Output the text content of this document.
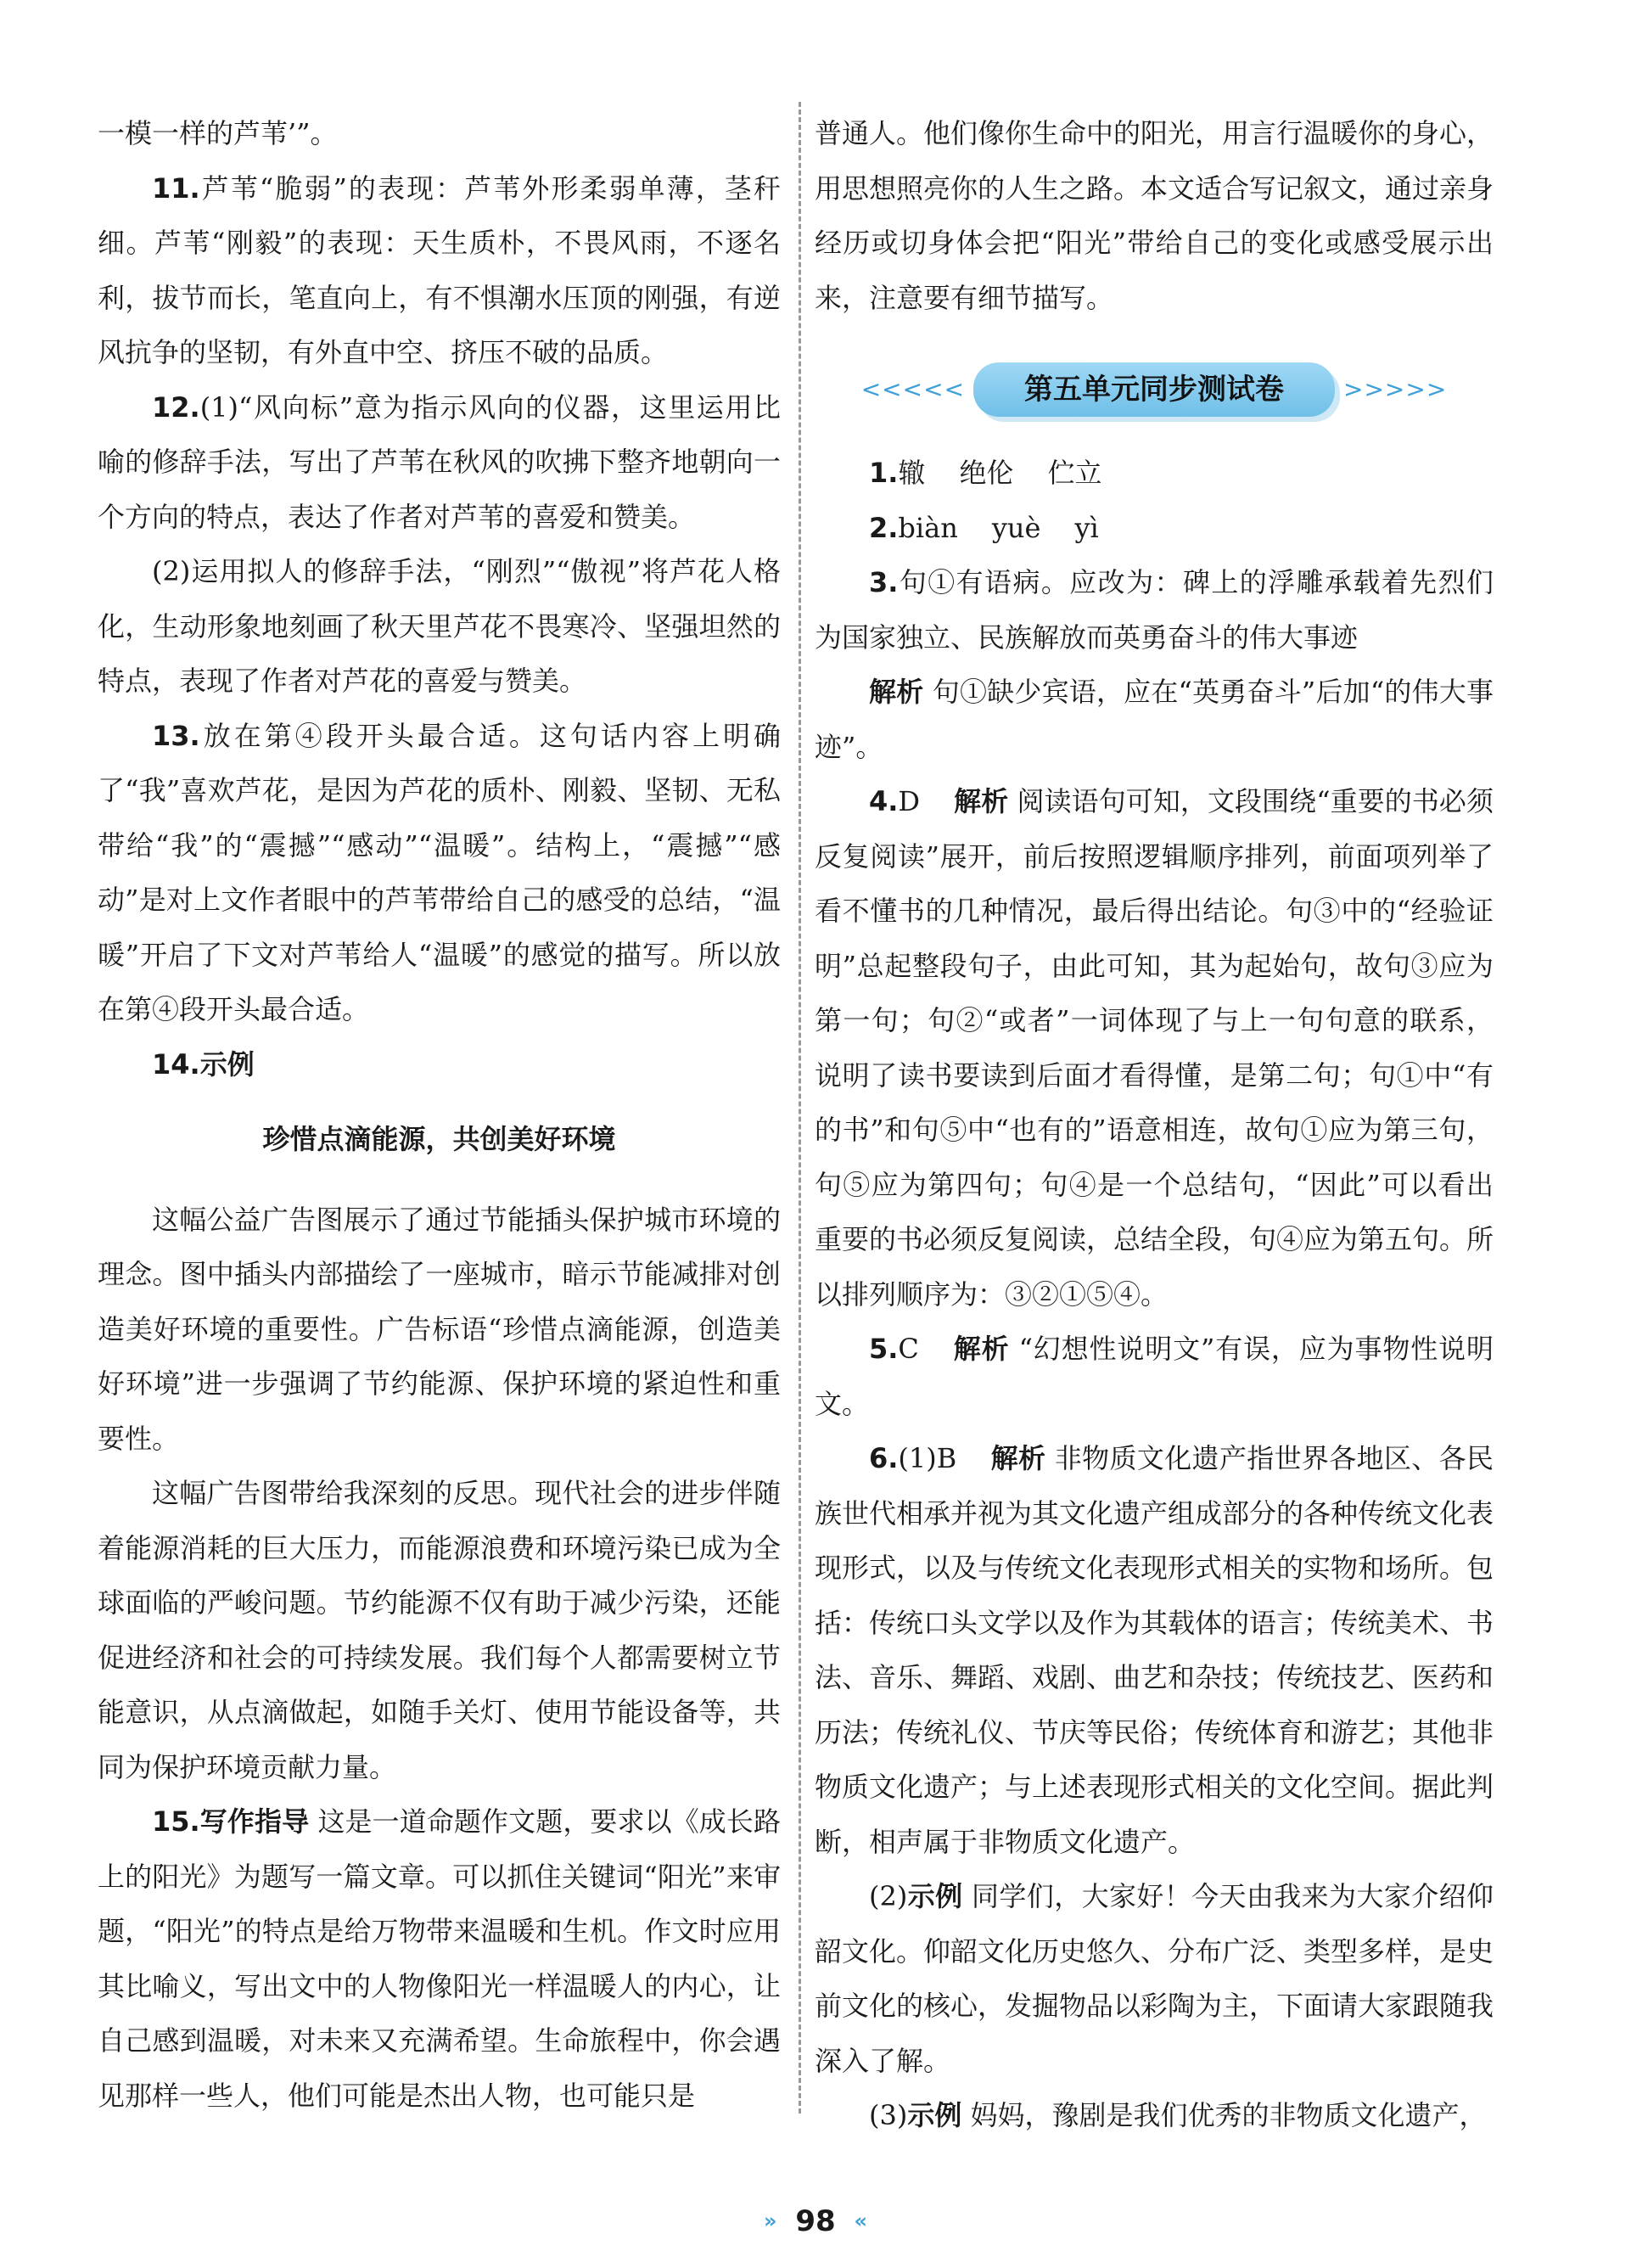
一模一样的芦苇’”。

11.芦苇“脆弱”的表现：芦苇外形柔弱单薄，茎秆细。芦苇“刚毅”的表现：天生质朴，不畏风雨，不逐名利，拔节而长，笔直向上，有不惧潮水压顶的刚强，有逆风抗争的坚韧，有外直中空、挤压不破的品质。

12.(1)“风向标”意为指示风向的仪器，这里运用比喻的修辞手法，写出了芦苇在秋风的吹拂下整齐地朝向一个方向的特点，表达了作者对芦苇的喜爱和赞美。

(2)运用拟人的修辞手法，“刚烈”“傲视”将芦花人格化，生动形象地刻画了秋天里芦花不畏寒冷、坚强坦然的特点，表现了作者对芦花的喜爱与赞美。

13.放在第④段开头最合适。这句话内容上明确了“我”喜欢芦花，是因为芦花的质朴、刚毅、坚韧、无私带给“我”的“震撼”“感动”“温暖”。结构上，“震撼”“感动”是对上文作者眼中的芦苇带给自己的感受的总结，“温暖”开启了下文对芦苇给人“温暖”的感觉的描写。所以放在第④段开头最合适。

14.示例

珍惜点滴能源，共创美好环境

这幅公益广告图展示了通过节能插头保护城市环境的理念。图中插头内部描绘了一座城市，暗示节能减排对创造美好环境的重要性。广告标语“珍惜点滴能源，创造美好环境”进一步强调了节约能源、保护环境的紧迫性和重要性。

这幅广告图带给我深刻的反思。现代社会的进步伴随着能源消耗的巨大压力，而能源浪费和环境污染已成为全球面临的严峻问题。节约能源不仅有助于减少污染，还能促进经济和社会的可持续发展。我们每个人都需要树立节能意识，从点滴做起，如随手关灯、使用节能设备等，共同为保护环境贡献力量。

15.写作指导 这是一道命题作文题，要求以《成长路上的阳光》为题写一篇文章。可以抓住关键词“阳光”来审题，“阳光”的特点是给万物带来温暖和生机。作文时应用其比喻义，写出文中的人物像阳光一样温暖人的内心，让自己感到温暖，对未来又充满希望。生命旅程中，你会遇见那样一些人，他们可能是杰出人物，也可能只是

普通人。他们像你生命中的阳光，用言行温暖你的身心，用思想照亮你的人生之路。本文适合写记叙文，通过亲身经历或切身体会把“阳光”带给自己的变化或感受展示出来，注意要有细节描写。

<<<<<	第五单元同步测试卷	>>>>>

1.辙 绝伦 伫立

2.biàn yuè yì

3.句①有语病。应改为：碑上的浮雕承载着先烈们为国家独立、民族解放而英勇奋斗的伟大事迹

解析 句①缺少宾语，应在“英勇奋斗”后加“的伟大事迹”。

4.D 解析 阅读语句可知，文段围绕“重要的书必须反复阅读”展开，前后按照逻辑顺序排列，前面项列举了看不懂书的几种情况，最后得出结论。句③中的“经验证明”总起整段句子，由此可知，其为起始句，故句③应为第一句；句②“或者”一词体现了与上一句句意的联系，说明了读书要读到后面才看得懂，是第二句；句①中“有的书”和句⑤中“也有的”语意相连，故句①应为第三句，句⑤应为第四句；句④是一个总结句，“因此”可以看出重要的书必须反复阅读，总结全段，句④应为第五句。所以排列顺序为：③②①⑤④。

5.C 解析 “幻想性说明文”有误，应为事物性说明文。

6.(1)B 解析 非物质文化遗产指世界各地区、各民族世代相承并视为其文化遗产组成部分的各种传统文化表现形式，以及与传统文化表现形式相关的实物和场所。包括：传统口头文学以及作为其载体的语言；传统美术、书法、音乐、舞蹈、戏剧、曲艺和杂技；传统技艺、医药和历法；传统礼仪、节庆等民俗；传统体育和游艺；其他非物质文化遗产；与上述表现形式相关的文化空间。据此判断，相声属于非物质文化遗产。

(2)示例 同学们，大家好！今天由我来为大家介绍仰韶文化。仰韶文化历史悠久、分布广泛、类型多样，是史前文化的核心，发掘物品以彩陶为主，下面请大家跟随我深入了解。

(3)示例 妈妈，豫剧是我们优秀的非物质文化遗产，

» 98 «
